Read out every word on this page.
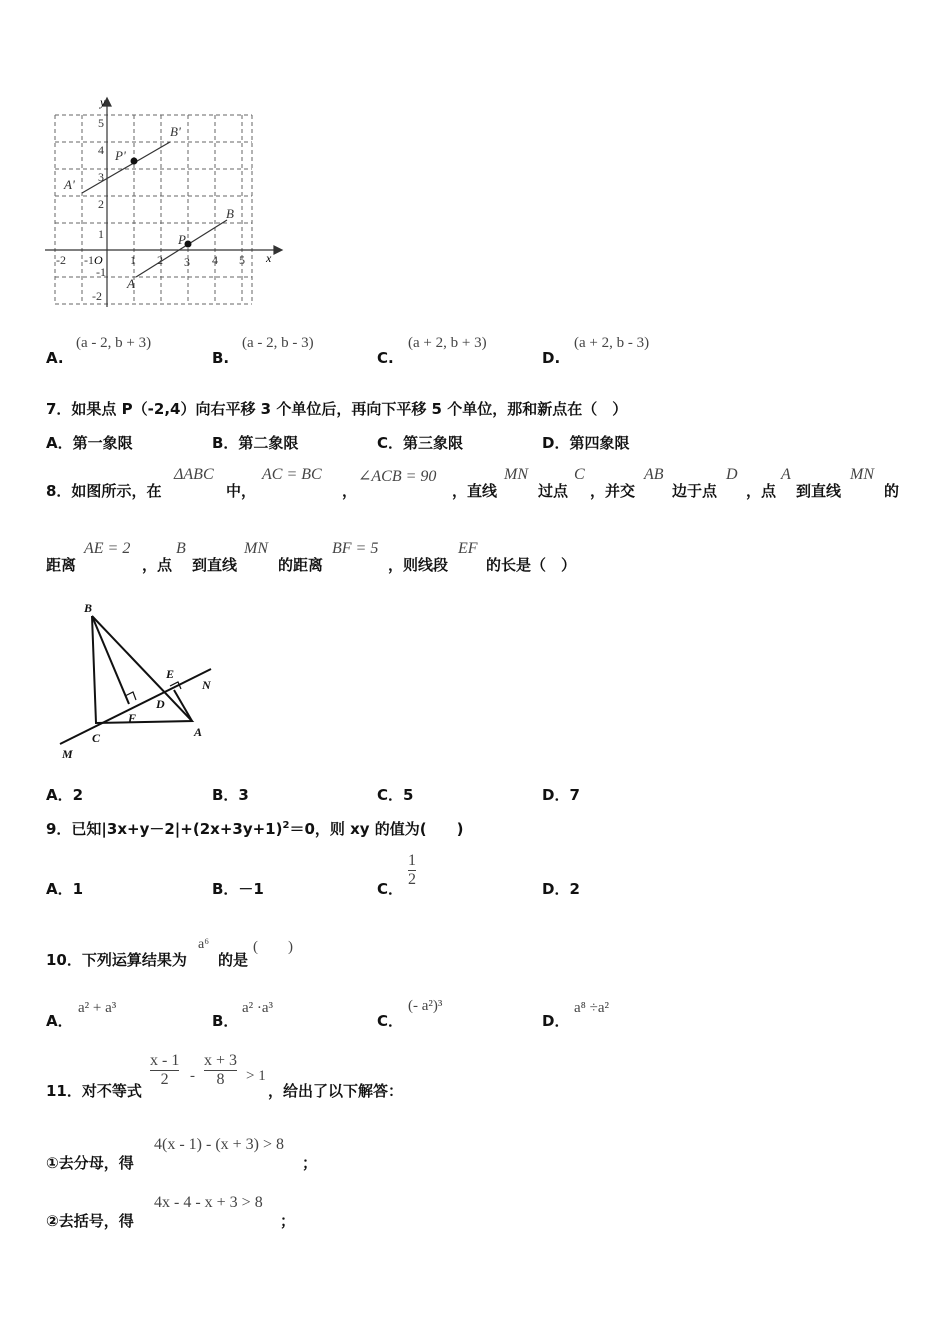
y
x
O
-2 -1	1 2 3 4 5
5
4
3
2
1
-1
-2
A'
P'
B'
A
P
B
A.
(a - 2, b + 3)
B.
(a - 2, b - 3)
C.
(a + 2, b + 3)
D.
(a + 2, b - 3)
7．如果点 P（-2,4）向右平移 3 个单位后，再向下平移 5 个单位，那和新点在（　）
A．第一象限	B．第二象限	C．第三象限	D．第四象限
8．如图所示，在
ΔABC
中，
AC = BC
，
∠ACB = 90
，直线
MN
过点
C
，并交
AB
边于点
D
，点
A
到直线
MN
的
距离
AE = 2
，点
B
到直线
MN
的距离
BF = 5
，则线段
EF
的长是（　）
B
E
N
D
F
C	A
M
A．2	B．3	C．5	D．7
9．已知$|3x+y-2|+(2x+3y+1)^2=0$，则 xy 的值为(　　)
A．1	B．－1	C．
1
2
D．2
10．下列运算结果为
a⁶
的是
(　　)
A．
a² + a³
B．
a² ·a³
C．
(- a²)³
D．
a⁸ ÷a²
11．对不等式
x - 1
2 -
x + 3
8 > 1
，给出了以下解答：
①去分母，得
4(x - 1) - (x + 3) > 8
；
②去括号，得
4x - 4 - x + 3 > 8
；
